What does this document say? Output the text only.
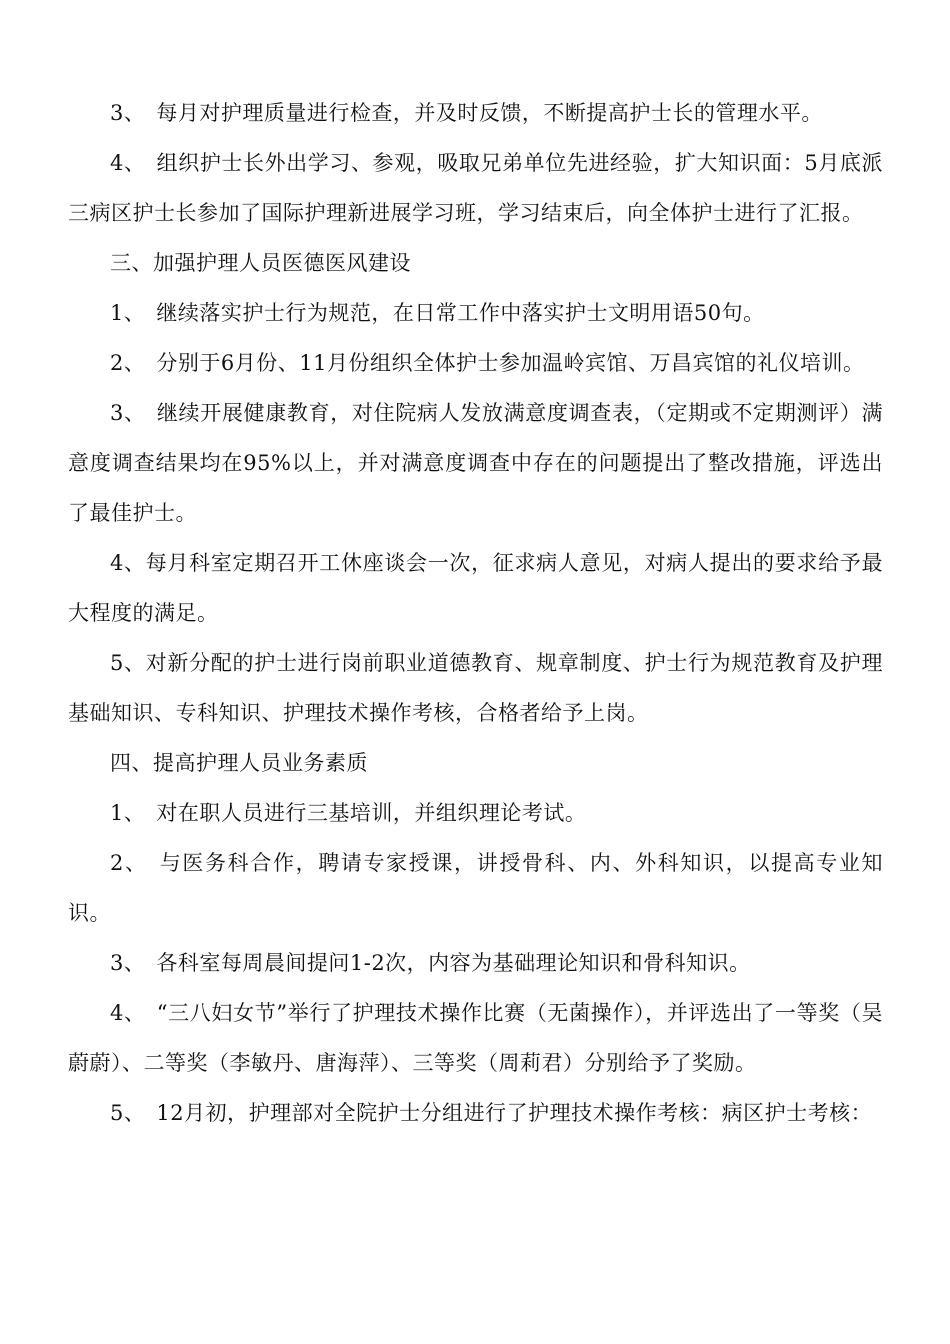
3、　每月对护理质量进行检查，并及时反馈，不断提高护士长的管理水平。

4、　组织护士长外出学习、参观，吸取兄弟单位先进经验，扩大知识面：5月底派三病区护士长参加了国际护理新进展学习班，学习结束后，向全体护士进行了汇报。

三、加强护理人员医德医风建设

1、　继续落实护士行为规范，在日常工作中落实护士文明用语50句。

2、　分别于6月份、11月份组织全体护士参加温岭宾馆、万昌宾馆的礼仪培训。

3、　继续开展健康教育，对住院病人发放满意度调查表，（定期或不定期测评）满意度调查结果均在95%以上，并对满意度调查中存在的问题提出了整改措施，评选出了最佳护士。

4、每月科室定期召开工休座谈会一次，征求病人意见，对病人提出的要求给予最大程度的满足。

5、对新分配的护士进行岗前职业道德教育、规章制度、护士行为规范教育及护理基础知识、专科知识、护理技术操作考核，合格者给予上岗。

四、提高护理人员业务素质

1、　对在职人员进行三基培训，并组织理论考试。

2、　与医务科合作，聘请专家授课，讲授骨科、内、外科知识，以提高专业知识。

3、　各科室每周晨间提问1-2次，内容为基础理论知识和骨科知识。

4、　“三八妇女节”举行了护理技术操作比赛（无菌操作），并评选出了一等奖（吴蔚蔚）、二等奖（李敏丹、唐海萍）、三等奖（周莉君）分别给予了奖励。

5、　12月初，护理部对全院护士分组进行了护理技术操作考核：病区护士考核：
